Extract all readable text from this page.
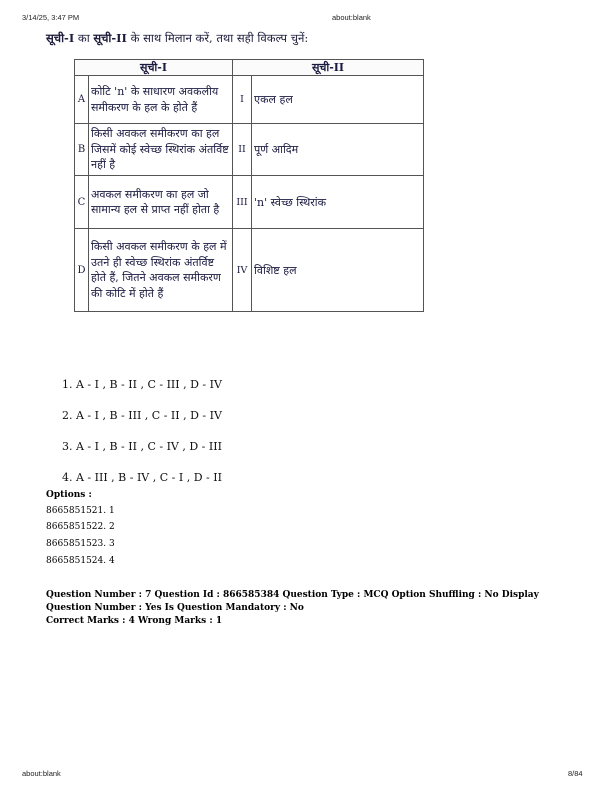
3/14/25, 3:47 PM	about:blank
सूची-I का सूची-II के साथ मिलान करें, तथा सही विकल्प चुनें:
सूची-I		सूची-II	
A	कोटि 'n' के साधारण अवकलीय समीकरण के हल के होते हैं	I	एकल हल
B	किसी अवकल समीकरण का हल जिसमें कोई स्वेच्छ स्थिरांक अंतर्विष्ट नहीं है	II	पूर्ण आदिम
C	अवकल समीकरण का हल जो सामान्य हल से प्राप्त नहीं होता है	III	'n' स्वेच्छ स्थिरांक
D	किसी अवकल समीकरण के हल में उतने ही स्वेच्छ स्थिरांक अंतर्विष्ट होते हैं, जितने अवकल समीकरण की कोटि में होते हैं	IV	विशिष्ट हल
1. A - I , B - II , C - III , D - IV
2. A - I , B - III , C - II , D - IV
3. A - I , B - II , C - IV , D - III
4. A - III , B - IV , C - I , D - II
Options :
8665851521. 1
8665851522. 2
8665851523. 3
8665851524. 4
Question Number : 7 Question Id : 866585384 Question Type : MCQ Option Shuffling : No Display Question Number : Yes Is Question Mandatory : No
Correct Marks : 4 Wrong Marks : 1
about:blank	8/84
